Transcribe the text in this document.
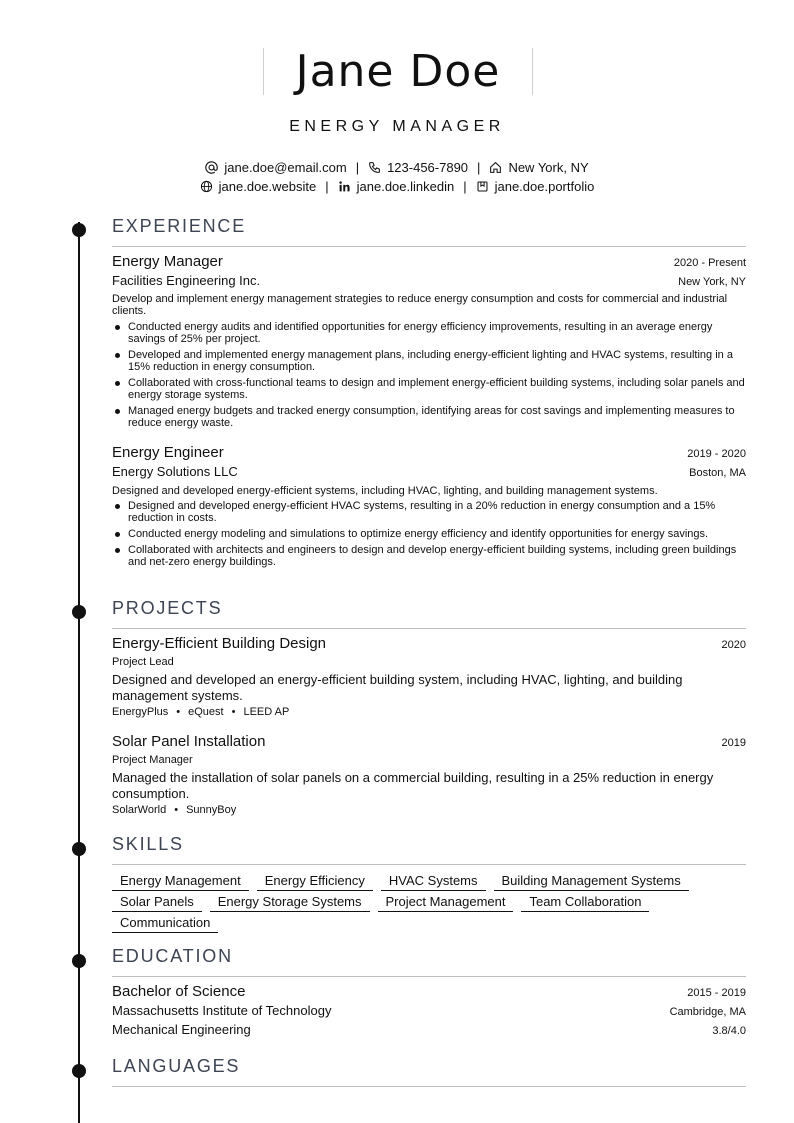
Jane Doe
ENERGY MANAGER
jane.doe@email.com | 123-456-7890 | New York, NY
jane.doe.website | jane.doe.linkedin | jane.doe.portfolio
EXPERIENCE
Energy Manager	2020 - Present
Facilities Engineering Inc.	New York, NY
Develop and implement energy management strategies to reduce energy consumption and costs for commercial and industrial clients.
Conducted energy audits and identified opportunities for energy efficiency improvements, resulting in an average energy savings of 25% per project.
Developed and implemented energy management plans, including energy-efficient lighting and HVAC systems, resulting in a 15% reduction in energy consumption.
Collaborated with cross-functional teams to design and implement energy-efficient building systems, including solar panels and energy storage systems.
Managed energy budgets and tracked energy consumption, identifying areas for cost savings and implementing measures to reduce energy waste.
Energy Engineer	2019 - 2020
Energy Solutions LLC	Boston, MA
Designed and developed energy-efficient systems, including HVAC, lighting, and building management systems.
Designed and developed energy-efficient HVAC systems, resulting in a 20% reduction in energy consumption and a 15% reduction in costs.
Conducted energy modeling and simulations to optimize energy efficiency and identify opportunities for energy savings.
Collaborated with architects and engineers to design and develop energy-efficient building systems, including green buildings and net-zero energy buildings.
PROJECTS
Energy-Efficient Building Design	2020
Project Lead
Designed and developed an energy-efficient building system, including HVAC, lighting, and building management systems.
EnergyPlus • eQuest • LEED AP
Solar Panel Installation	2019
Project Manager
Managed the installation of solar panels on a commercial building, resulting in a 25% reduction in energy consumption.
SolarWorld • SunnyBoy
SKILLS
Energy Management	Energy Efficiency	HVAC Systems	Building Management Systems
Solar Panels	Energy Storage Systems	Project Management	Team Collaboration
Communication
EDUCATION
Bachelor of Science	2015 - 2019
Massachusetts Institute of Technology	Cambridge, MA
Mechanical Engineering	3.8/4.0
LANGUAGES
